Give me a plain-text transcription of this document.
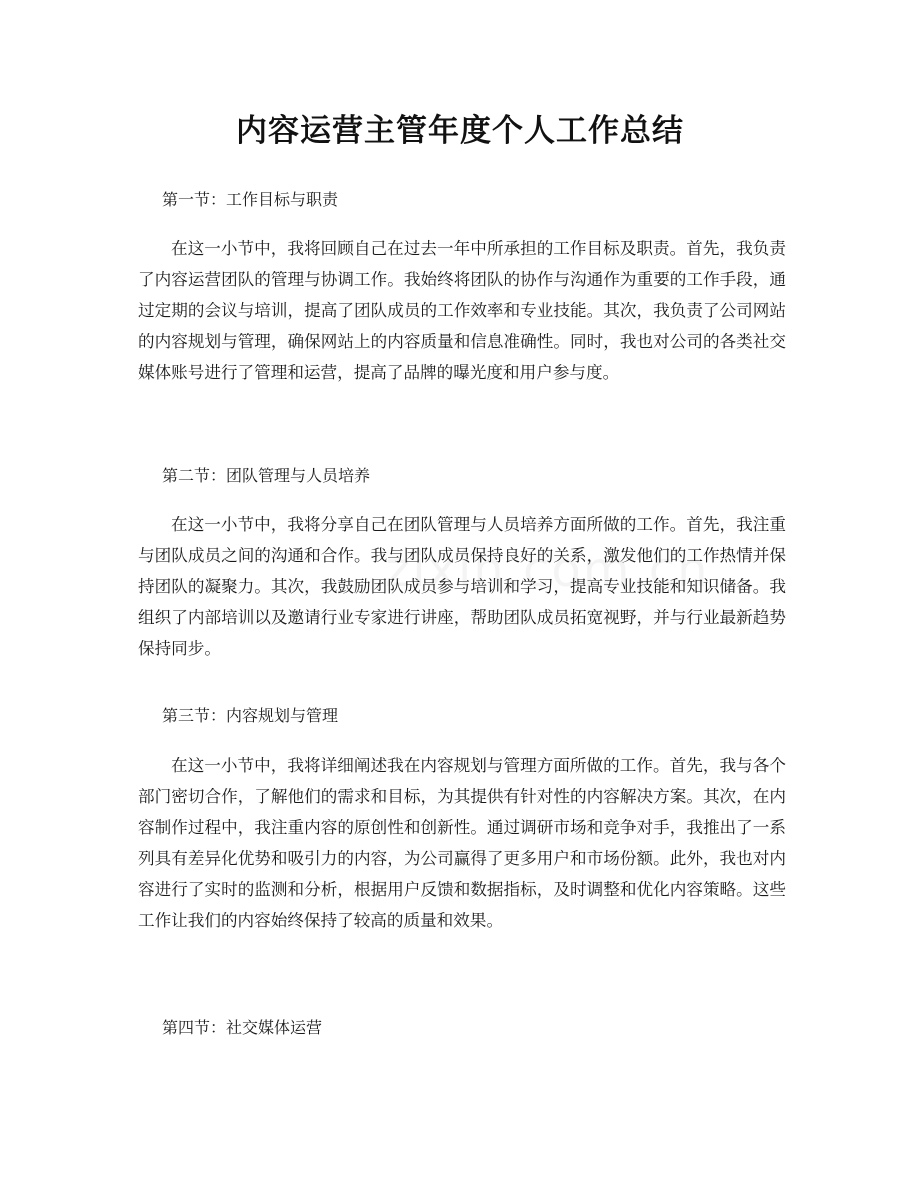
内容运营主管年度个人工作总结
第一节：工作目标与职责

在这一小节中，我将回顾自己在过去一年中所承担的工作目标及职责。首先，我负责了内容运营团队的管理与协调工作。我始终将团队的协作与沟通作为重要的工作手段，通过定期的会议与培训，提高了团队成员的工作效率和专业技能。其次，我负责了公司网站的内容规划与管理，确保网站上的内容质量和信息准确性。同时，我也对公司的各类社交媒体账号进行了管理和运营，提高了品牌的曝光度和用户参与度。

第二节：团队管理与人员培养

在这一小节中，我将分享自己在团队管理与人员培养方面所做的工作。首先，我注重与团队成员之间的沟通和合作。我与团队成员保持良好的关系，激发他们的工作热情并保持团队的凝聚力。其次，我鼓励团队成员参与培训和学习，提高专业技能和知识储备。我组织了内部培训以及邀请行业专家进行讲座，帮助团队成员拓宽视野，并与行业最新趋势保持同步。

第三节：内容规划与管理

在这一小节中，我将详细阐述我在内容规划与管理方面所做的工作。首先，我与各个部门密切合作，了解他们的需求和目标，为其提供有针对性的内容解决方案。其次，在内容制作过程中，我注重内容的原创性和创新性。通过调研市场和竞争对手，我推出了一系列具有差异化优势和吸引力的内容，为公司赢得了更多用户和市场份额。此外，我也对内容进行了实时的监测和分析，根据用户反馈和数据指标，及时调整和优化内容策略。这些工作让我们的内容始终保持了较高的质量和效果。

第四节：社交媒体运营
